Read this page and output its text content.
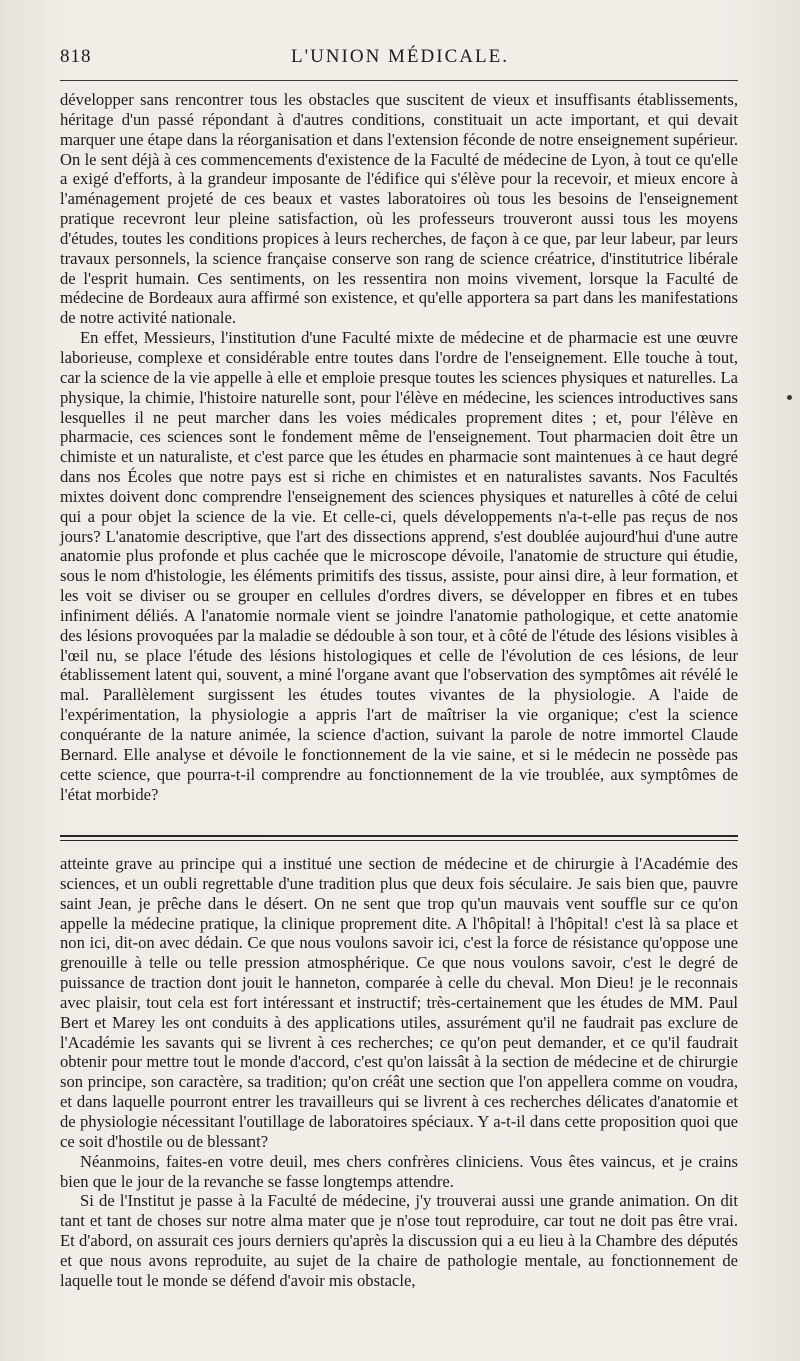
818	L'UNION MÉDICALE.

développer sans rencontrer tous les obstacles que suscitent de vieux et insuffisants établissements, héritage d'un passé répondant à d'autres conditions, constituait un acte important, et qui devait marquer une étape dans la réorganisation et dans l'extension féconde de notre enseignement supérieur. On le sent déjà à ces commencements d'existence de la Faculté de médecine de Lyon, à tout ce qu'elle a exigé d'efforts, à la grandeur imposante de l'édifice qui s'élève pour la recevoir, et mieux encore à l'aménagement projeté de ces beaux et vastes laboratoires où tous les besoins de l'enseignement pratique recevront leur pleine satisfaction, où les professeurs trouveront aussi tous les moyens d'études, toutes les conditions propices à leurs recherches, de façon à ce que, par leur labeur, par leurs travaux personnels, la science française conserve son rang de science créatrice, d'institutrice libérale de l'esprit humain. Ces sentiments, on les ressentira non moins vivement, lorsque la Faculté de médecine de Bordeaux aura affirmé son existence, et qu'elle apportera sa part dans les manifestations de notre activité nationale.

En effet, Messieurs, l'institution d'une Faculté mixte de médecine et de pharmacie est une œuvre laborieuse, complexe et considérable entre toutes dans l'ordre de l'enseignement. Elle touche à tout, car la science de la vie appelle à elle et emploie presque toutes les sciences physiques et naturelles. La physique, la chimie, l'histoire naturelle sont, pour l'élève en médecine, les sciences introductives sans lesquelles il ne peut marcher dans les voies médicales proprement dites ; et, pour l'élève en pharmacie, ces sciences sont le fondement même de l'enseignement. Tout pharmacien doit être un chimiste et un naturaliste, et c'est parce que les études en pharmacie sont maintenues à ce haut degré dans nos Écoles que notre pays est si riche en chimistes et en naturalistes savants. Nos Facultés mixtes doivent donc comprendre l'enseignement des sciences physiques et naturelles à côté de celui qui a pour objet la science de la vie. Et celle-ci, quels développements n'a-t-elle pas reçus de nos jours? L'anatomie descriptive, que l'art des dissections apprend, s'est doublée aujourd'hui d'une autre anatomie plus profonde et plus cachée que le microscope dévoile, l'anatomie de structure qui étudie, sous le nom d'histologie, les éléments primitifs des tissus, assiste, pour ainsi dire, à leur formation, et les voit se diviser ou se grouper en cellules d'ordres divers, se développer en fibres et en tubes infiniment déliés. A l'anatomie normale vient se joindre l'anatomie pathologique, et cette anatomie des lésions provoquées par la maladie se dédouble à son tour, et à côté de l'étude des lésions visibles à l'œil nu, se place l'étude des lésions histologiques et celle de l'évolution de ces lésions, de leur établissement latent qui, souvent, a miné l'organe avant que l'observation des symptômes ait révélé le mal. Parallèlement surgissent les études toutes vivantes de la physiologie. A l'aide de l'expérimentation, la physiologie a appris l'art de maîtriser la vie organique; c'est la science conquérante de la nature animée, la science d'action, suivant la parole de notre immortel Claude Bernard. Elle analyse et dévoile le fonctionnement de la vie saine, et si le médecin ne possède pas cette science, que pourra-t-il comprendre au fonctionnement de la vie troublée, aux symptômes de l'état morbide?

atteinte grave au principe qui a institué une section de médecine et de chirurgie à l'Académie des sciences, et un oubli regrettable d'une tradition plus que deux fois séculaire. Je sais bien que, pauvre saint Jean, je prêche dans le désert. On ne sent que trop qu'un mauvais vent souffle sur ce qu'on appelle la médecine pratique, la clinique proprement dite. A l'hôpital! à l'hôpital! c'est là sa place et non ici, dit-on avec dédain. Ce que nous voulons savoir ici, c'est la force de résistance qu'oppose une grenouille à telle ou telle pression atmosphérique. Ce que nous voulons savoir, c'est le degré de puissance de traction dont jouit le hanneton, comparée à celle du cheval. Mon Dieu! je le reconnais avec plaisir, tout cela est fort intéressant et instructif; très-certainement que les études de MM. Paul Bert et Marey les ont conduits à des applications utiles, assurément qu'il ne faudrait pas exclure de l'Académie les savants qui se livrent à ces recherches; ce qu'on peut demander, et ce qu'il faudrait obtenir pour mettre tout le monde d'accord, c'est qu'on laissât à la section de médecine et de chirurgie son principe, son caractère, sa tradition; qu'on créât une section que l'on appellera comme on voudra, et dans laquelle pourront entrer les travailleurs qui se livrent à ces recherches délicates d'anatomie et de physiologie nécessitant l'outillage de laboratoires spéciaux. Y a-t-il dans cette proposition quoi que ce soit d'hostile ou de blessant?

Néanmoins, faites-en votre deuil, mes chers confrères cliniciens. Vous êtes vaincus, et je crains bien que le jour de la revanche se fasse longtemps attendre.

Si de l'Institut je passe à la Faculté de médecine, j'y trouverai aussi une grande animation. On dit tant et tant de choses sur notre alma mater que je n'ose tout reproduire, car tout ne doit pas être vrai. Et d'abord, on assurait ces jours derniers qu'après la discussion qui a eu lieu à la Chambre des députés et que nous avons reproduite, au sujet de la chaire de pathologie mentale, au fonctionnement de laquelle tout le monde se défend d'avoir mis obstacle,
